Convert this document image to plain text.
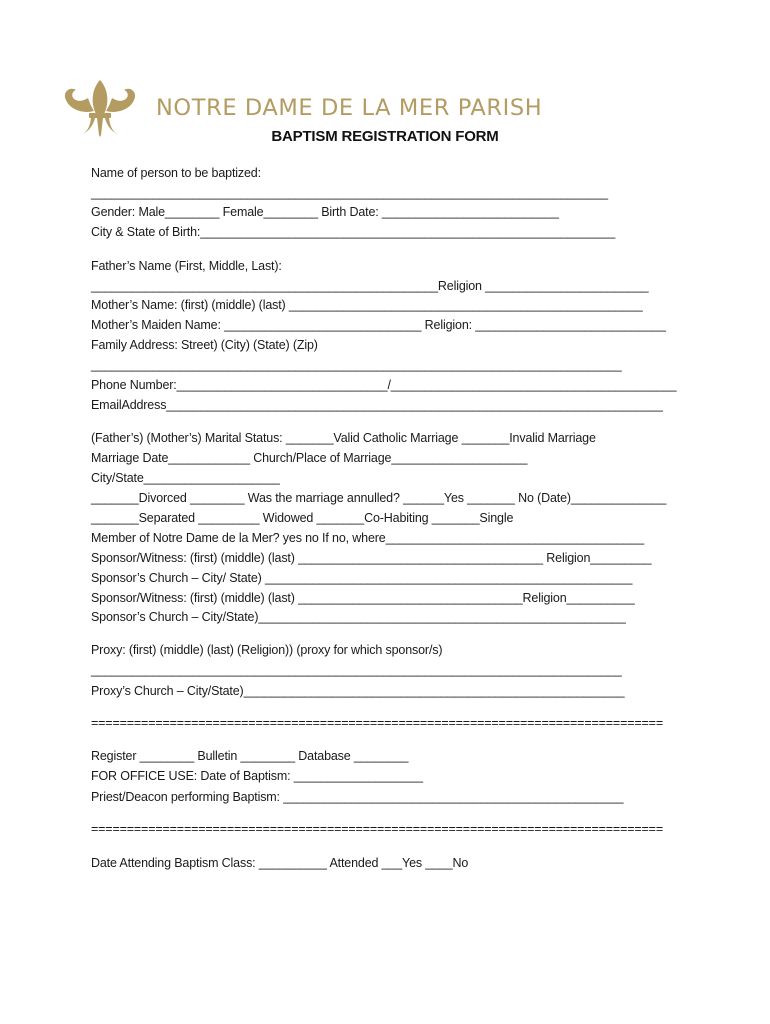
NOTRE DAME DE LA MER PARISH
BAPTISM REGISTRATION FORM

Name of person to be baptized:

____________________________________________________________________________

Gender: Male________ Female________ Birth Date: __________________________

City & State of Birth:_____________________________________________________________

Father’s Name (First, Middle, Last):

___________________________________________________Religion ________________________

Mother’s Name: (first) (middle) (last) ____________________________________________________

Mother’s Maiden Name: _____________________________ Religion: ____________________________

Family Address: Street) (City) (State) (Zip)

______________________________________________________________________________

Phone Number:_______________________________/__________________________________________

EmailAddress_________________________________________________________________________

(Father’s) (Mother’s) Marital Status: _______Valid Catholic Marriage _______Invalid Marriage

Marriage Date____________ Church/Place of Marriage____________________

City/State____________________

_______Divorced ________ Was the marriage annulled? ______Yes _______ No (Date)______________

_______Separated _________ Widowed _______Co-Habiting _______Single

Member of Notre Dame de la Mer? yes no If no, where______________________________________

Sponsor/Witness: (first) (middle) (last) ____________________________________ Religion_________

Sponsor’s Church – City/ State) ______________________________________________________

Sponsor/Witness: (first) (middle) (last) _________________________________Religion__________

Sponsor’s Church – City/State)______________________________________________________

Proxy: (first) (middle) (last) (Religion)) (proxy for which sponsor/s)

______________________________________________________________________________

Proxy’s Church – City/State)________________________________________________________

================================================================================

Register ________ Bulletin ________ Database ________

FOR OFFICE USE: Date of Baptism: ___________________

Priest/Deacon performing Baptism: __________________________________________________

================================================================================

Date Attending Baptism Class: __________ Attended ___Yes ____No
